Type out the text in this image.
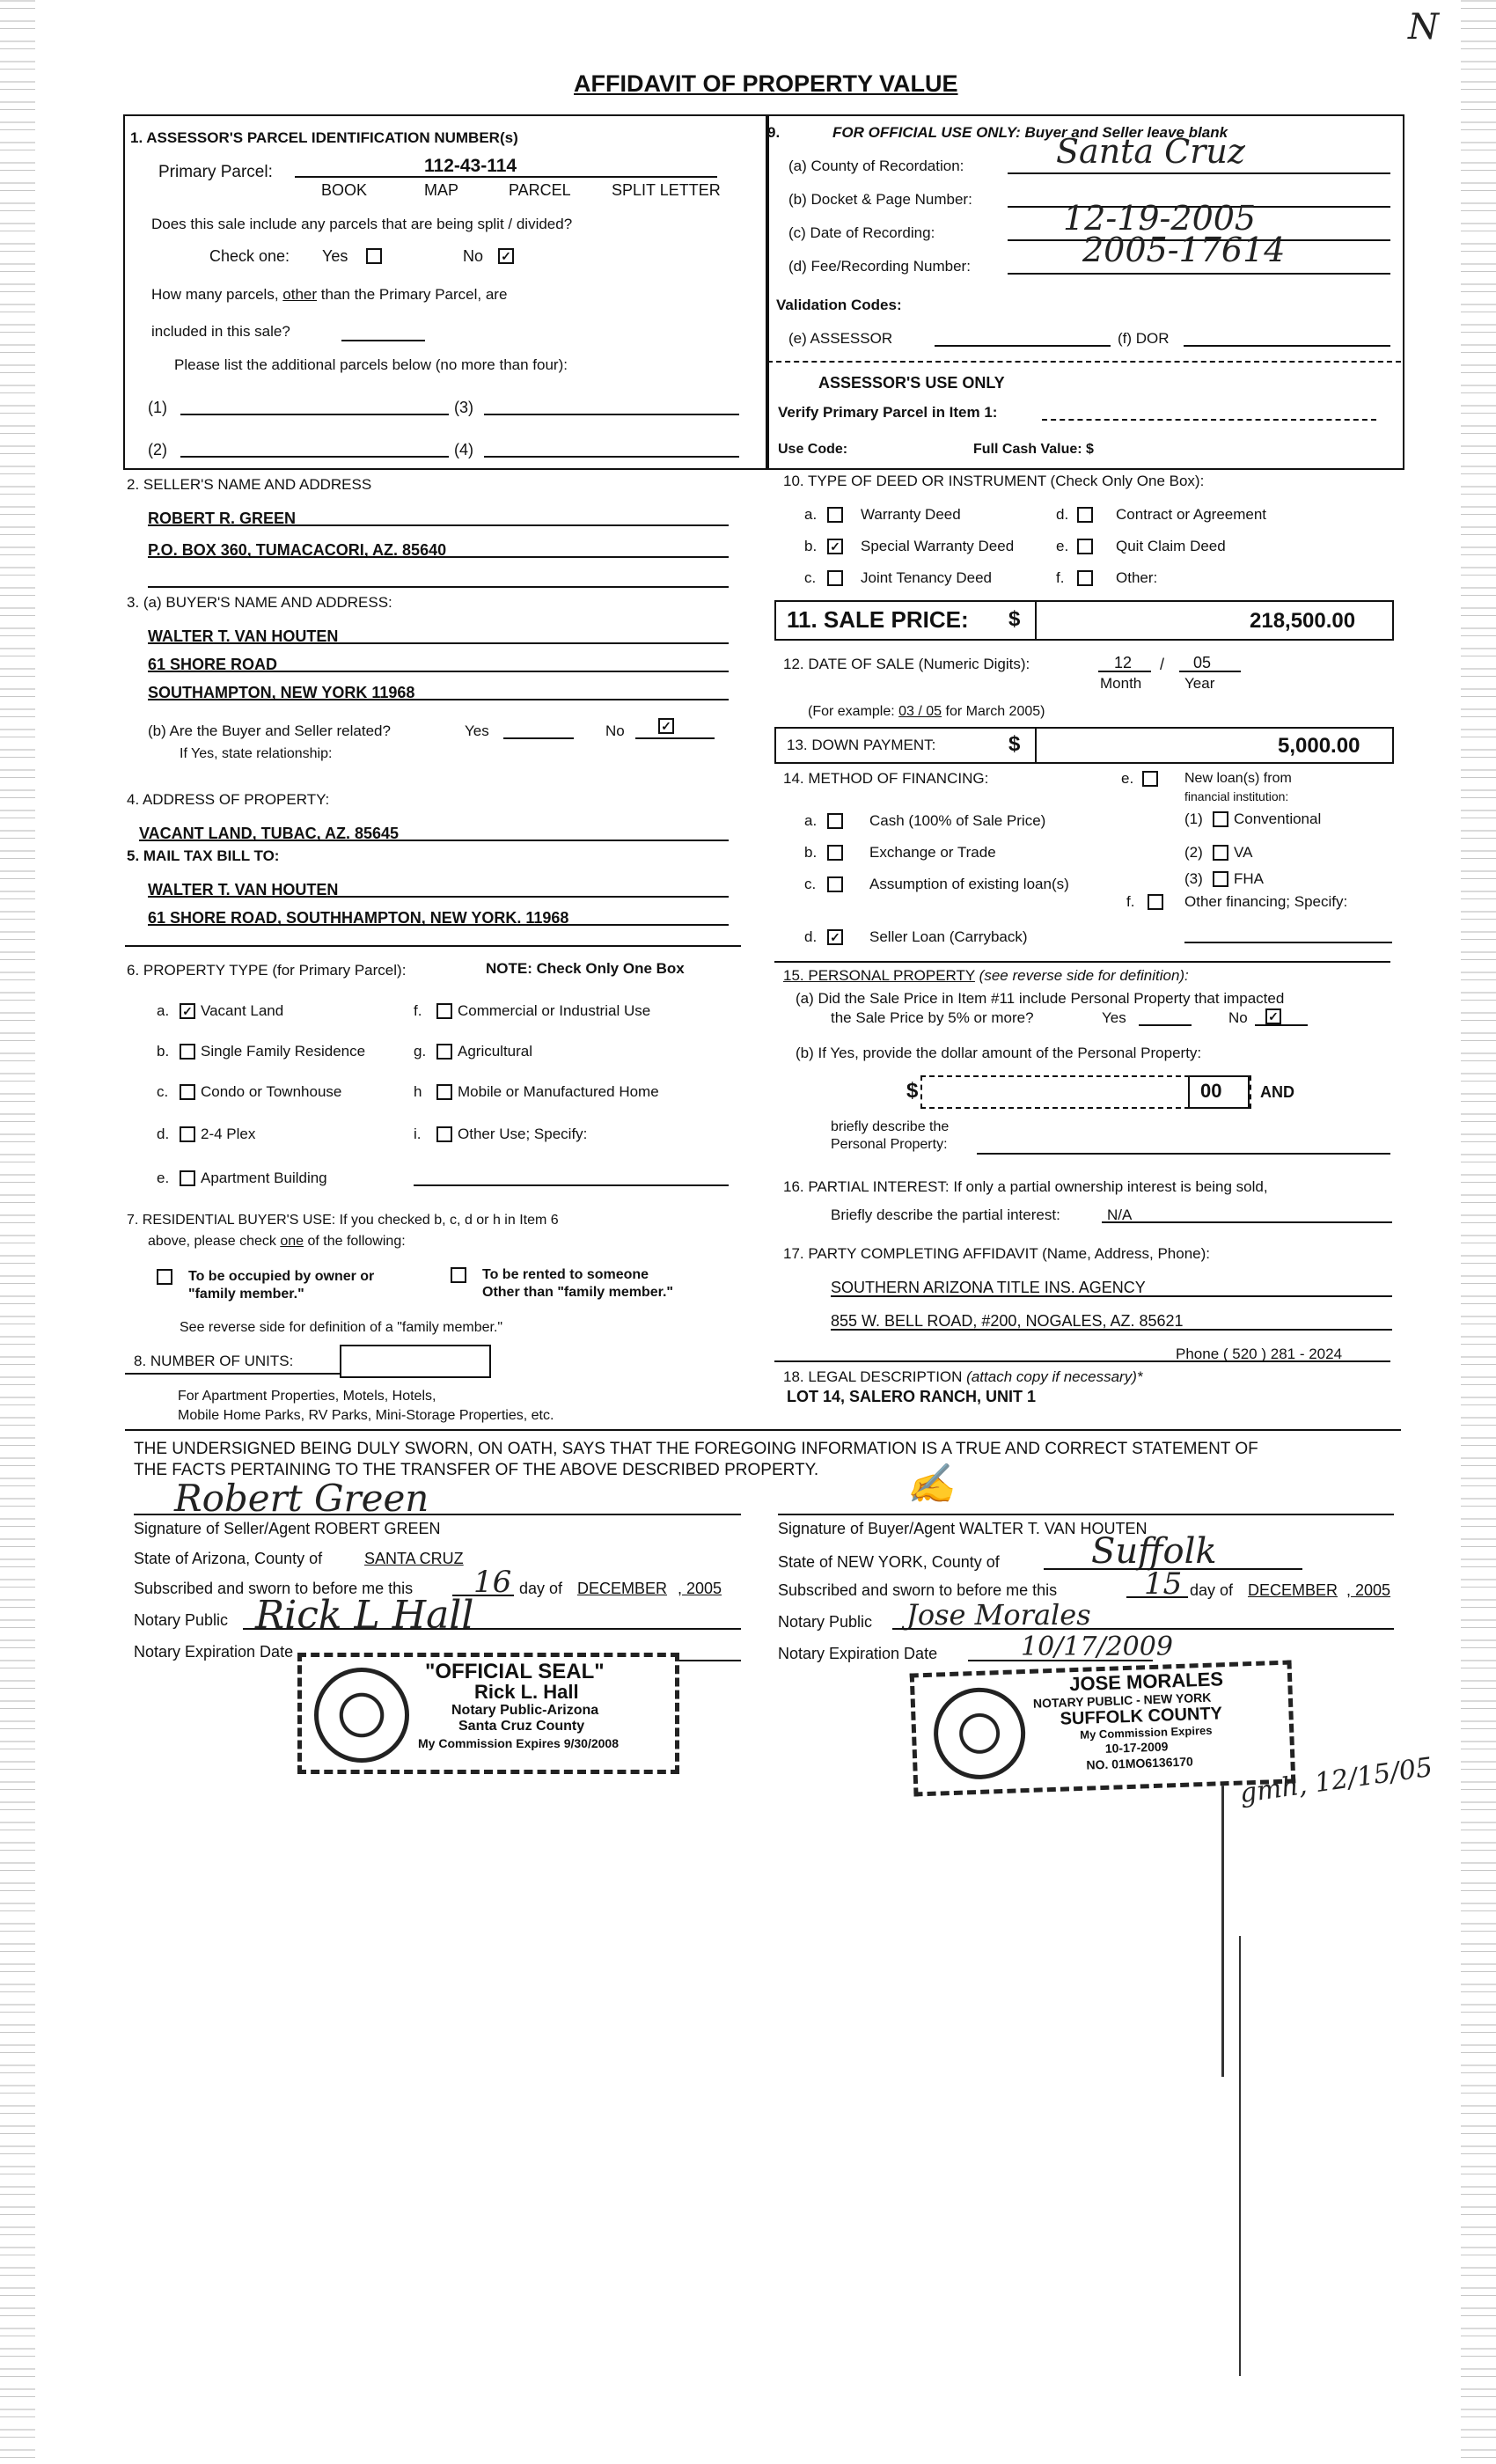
N
AFFIDAVIT OF PROPERTY VALUE
1. ASSESSOR'S PARCEL IDENTIFICATION NUMBER(s)
Primary Parcel:	112-43-114
BOOK	MAP	PARCEL	SPLIT LETTER
Does this sale include any parcels that are being split / divided?
Check one: Yes	No ✓
How many parcels, other than the Primary Parcel, are
included in this sale?
Please list the additional parcels below (no more than four):
(1)	(3)
(2)	(4)
9.	FOR OFFICIAL USE ONLY: Buyer and Seller leave blank
(a) County of Recordation:	Santa Cruz
(b) Docket & Page Number:
(c) Date of Recording:	12-19-2005
(d) Fee/Recording Number:	2005-17614
Validation Codes:
(e) ASSESSOR	(f) DOR
ASSESSOR'S USE ONLY
Verify Primary Parcel in Item 1:
Use Code:	Full Cash Value: $
2. SELLER'S NAME AND ADDRESS
ROBERT R. GREEN
P.O. BOX 360, TUMACACORI, AZ. 85640
3. (a) BUYER'S NAME AND ADDRESS:
WALTER T. VAN HOUTEN
61 SHORE ROAD
SOUTHAMPTON, NEW YORK 11968
(b) Are the Buyer and Seller related?	Yes	No	✓
If Yes, state relationship:
4. ADDRESS OF PROPERTY:
VACANT LAND, TUBAC, AZ. 85645
5. MAIL TAX BILL TO:
WALTER T. VAN HOUTEN
61 SHORE ROAD, SOUTHHAMPTON, NEW YORK. 11968
6. PROPERTY TYPE (for Primary Parcel):	NOTE: Check Only One Box
a. ✓ Vacant Land
b. Single Family Residence
c. Condo or Townhouse
d. 2-4 Plex
e. Apartment Building
f. Commercial or Industrial Use
g. Agricultural
h Mobile or Manufactured Home
i. Other Use; Specify:
7. RESIDENTIAL BUYER'S USE: If you checked b, c, d or h in Item 6
above, please check one of the following:
To be occupied by owner or
"family member."
To be rented to someone
Other than "family member."
See reverse side for definition of a "family member."
8. NUMBER OF UNITS:
For Apartment Properties, Motels, Hotels,
Mobile Home Parks, RV Parks, Mini-Storage Properties, etc.
10. TYPE OF DEED OR INSTRUMENT (Check Only One Box):
a.	Warranty Deed
b. ✓ Special Warranty Deed
c.	Joint Tenancy Deed
d.	Contract or Agreement
e.	Quit Claim Deed
f.	Other:
11. SALE PRICE: $	218,500.00
12. DATE OF SALE (Numeric Digits):	12 / 05
Month	Year
(For example: 03 / 05 for March 2005)
13. DOWN PAYMENT:	$	5,000.00
14. METHOD OF FINANCING:
a.	Cash (100% of Sale Price)
b.	Exchange or Trade
c.	Assumption of existing loan(s)
d. ✓ Seller Loan (Carryback)
e.	New loan(s) from
financial institution:
(1) Conventional
(2) VA
(3) FHA
f.	Other financing; Specify:
15. PERSONAL PROPERTY (see reverse side for definition):
(a) Did the Sale Price in Item #11 include Personal Property that impacted
the Sale Price by 5% or more?	Yes	No ✓
(b) If Yes, provide the dollar amount of the Personal Property:
$	00 AND
briefly describe the
Personal Property:
16. PARTIAL INTEREST: If only a partial ownership interest is being sold,
Briefly describe the partial interest:	N/A
17. PARTY COMPLETING AFFIDAVIT (Name, Address, Phone):
SOUTHERN ARIZONA TITLE INS. AGENCY
855 W. BELL ROAD, #200, NOGALES, AZ. 85621
Phone ( 520 ) 281 - 2024
18. LEGAL DESCRIPTION (attach copy if necessary)*
LOT 14, SALERO RANCH, UNIT 1
THE UNDERSIGNED BEING DULY SWORN, ON OATH, SAYS THAT THE FOREGOING INFORMATION IS A TRUE AND CORRECT STATEMENT OF
THE FACTS PERTAINING TO THE TRANSFER OF THE ABOVE DESCRIBED PROPERTY.
Robert Green
Signature of Seller/Agent ROBERT GREEN
State of Arizona, County of	SANTA CRUZ
Subscribed and sworn to before me this 16 day of DECEMBER , 2005
Notary Public Rick L Hall
Notary Expiration Date
✍
Signature of Buyer/Agent WALTER T. VAN HOUTEN
State of NEW YORK, County of	Suffolk
Subscribed and sworn to before me this	15 day of DECEMBER , 2005
Notary Public Jose Morales
Notary Expiration Date	10/17/2009
"OFFICIAL SEAL"
Rick L. Hall
Notary Public-Arizona
Santa Cruz County
My Commission Expires 9/30/2008
JOSE MORALES
NOTARY PUBLIC - NEW YORK
SUFFOLK COUNTY
My Commission Expires
10-17-2009
NO. 01MO6136170 gmh, 12/15/05
